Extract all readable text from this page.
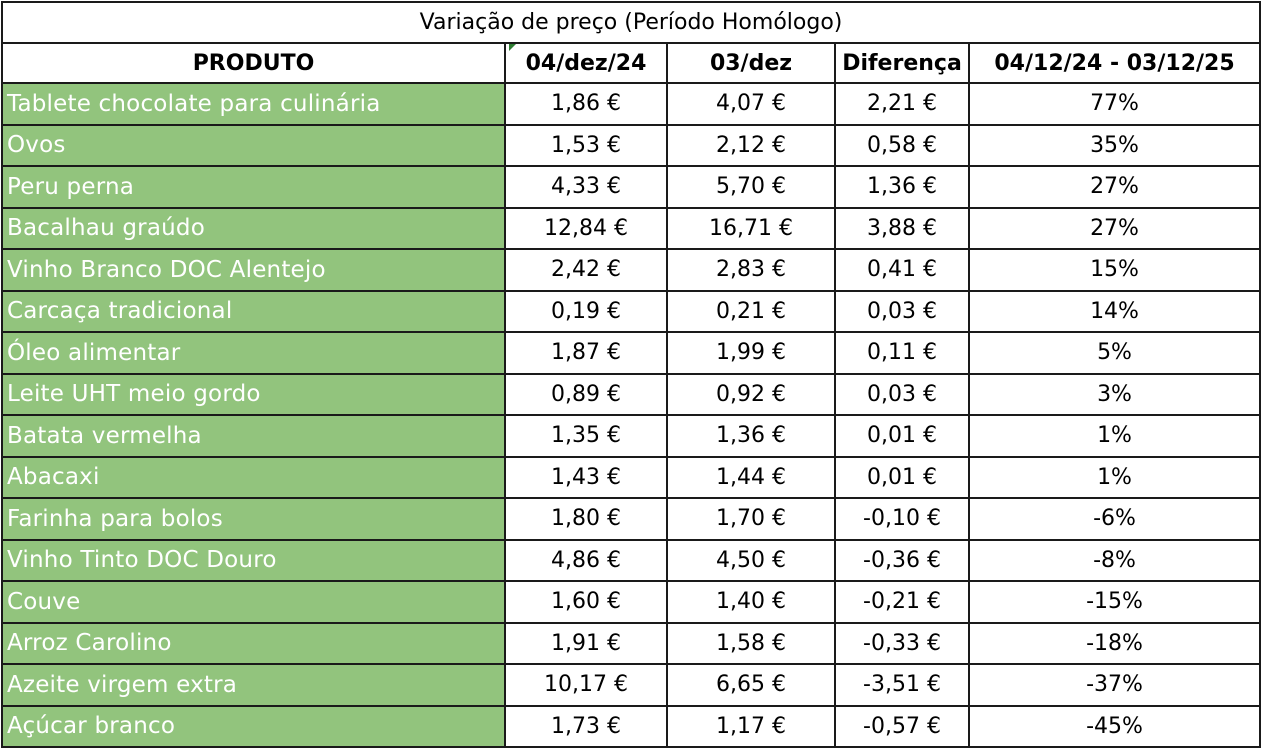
Variação de preço (Período Homólogo)				
PRODUTO	04/dez/24	03/dez	Diferença	04/12/24 - 03/12/25
Tablete chocolate para culinária	1,86 €	4,07 €	2,21 €	77%
Ovos	1,53 €	2,12 €	0,58 €	35%
Peru perna	4,33 €	5,70 €	1,36 €	27%
Bacalhau graúdo	12,84 €	16,71 €	3,88 €	27%
Vinho Branco DOC Alentejo	2,42 €	2,83 €	0,41 €	15%
Carcaça tradicional	0,19 €	0,21 €	0,03 €	14%
Óleo alimentar	1,87 €	1,99 €	0,11 €	5%
Leite UHT meio gordo	0,89 €	0,92 €	0,03 €	3%
Batata vermelha	1,35 €	1,36 €	0,01 €	1%
Abacaxi	1,43 €	1,44 €	0,01 €	1%
Farinha para bolos	1,80 €	1,70 €	-0,10 €	-6%
Vinho Tinto DOC Douro	4,86 €	4,50 €	-0,36 €	-8%
Couve	1,60 €	1,40 €	-0,21 €	-15%
Arroz Carolino	1,91 €	1,58 €	-0,33 €	-18%
Azeite virgem extra	10,17 €	6,65 €	-3,51 €	-37%
Açúcar branco	1,73 €	1,17 €	-0,57 €	-45%
